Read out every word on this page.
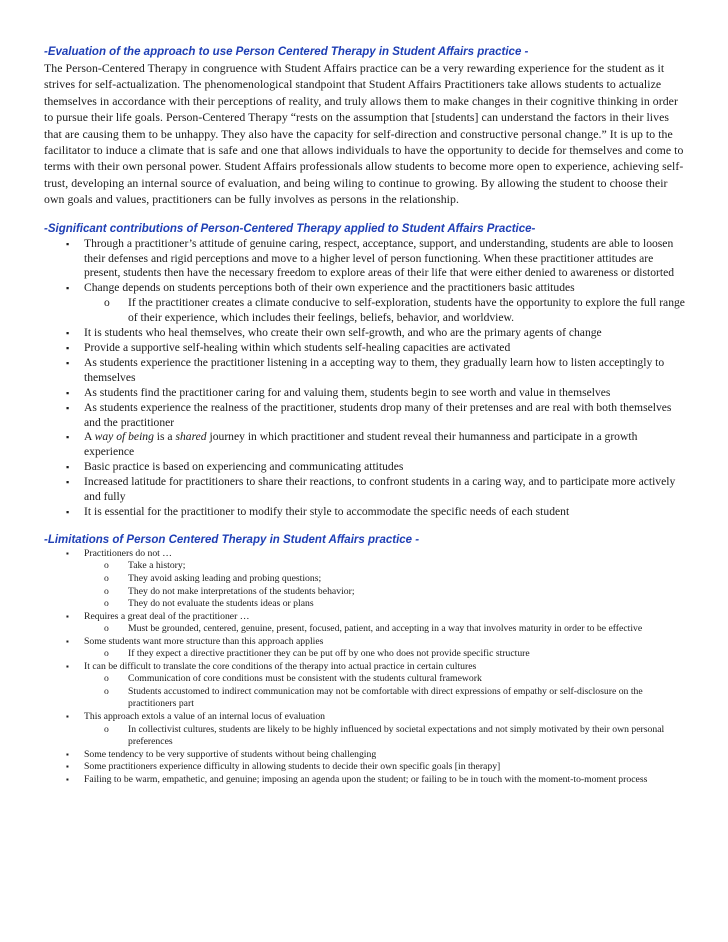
-Evaluation of the approach to use Person Centered Therapy in Student Affairs practice -

The Person-Centered Therapy in congruence with Student Affairs practice can be a very rewarding experience for the student as it strives for self-actualization. The phenomenological standpoint that Student Affairs Practitioners take allows students to actualize themselves in accordance with their perceptions of reality, and truly allows them to make changes in their cognitive thinking in order to pursue their life goals. Person-Centered Therapy “rests on the assumption that [students] can understand the factors in their lives that are causing them to be unhappy. They also have the capacity for self-direction and constructive personal change.” It is up to the facilitator to induce a climate that is safe and one that allows individuals to have the opportunity to decide for themselves and come to terms with their own personal power. Student Affairs professionals allow students to become more open to experience, achieving self-trust, developing an internal source of evaluation, and being wiling to continue to growing. By allowing the student to choose their own goals and values, practitioners can be fully involves as persons in the relationship.

-Significant contributions of Person-Centered Therapy applied to Student Affairs Practice-
▪ Through a practitioner’s attitude of genuine caring, respect, acceptance, support, and understanding, students are able to loosen their defenses and rigid perceptions and move to a higher level of person functioning. When these practitioner attitudes are present, students then have the necessary freedom to explore areas of their life that were either denied to awareness or distorted
▪ Change depends on students perceptions both of their own experience and the practitioners basic attitudes
o If the practitioner creates a climate conducive to self-exploration, students have the opportunity to explore the full range of their experience, which includes their feelings, beliefs, behavior, and worldview.
▪ It is students who heal themselves, who create their own self-growth, and who are the primary agents of change
▪ Provide a supportive self-healing within which students self-healing capacities are activated
▪ As students experience the practitioner listening in a accepting way to them, they gradually learn how to listen acceptingly to themselves
▪ As students find the practitioner caring for and valuing them, students begin to see worth and value in themselves
▪ As students experience the realness of the practitioner, students drop many of their pretenses and are real with both themselves and the practitioner
▪ A way of being is a shared journey in which practitioner and student reveal their humanness and participate in a growth experience
▪ Basic practice is based on experiencing and communicating attitudes
▪ Increased latitude for practitioners to share their reactions, to confront students in a caring way, and to participate more actively and fully
▪ It is essential for the practitioner to modify their style to accommodate the specific needs of each student
-Limitations of Person Centered Therapy in Student Affairs practice -
▪ Practitioners do not …
o Take a history;
o They avoid asking leading and probing questions;
o They do not make interpretations of the students behavior;
o They do not evaluate the students ideas or plans
▪ Requires a great deal of the practitioner …
o Must be grounded, centered, genuine, present, focused, patient, and accepting in a way that involves maturity in order to be effective
▪ Some students want more structure than this approach applies
o If they expect a directive practitioner they can be put off by one who does not provide specific structure
▪ It can be difficult to translate the core conditions of the therapy into actual practice in certain cultures
o Communication of core conditions must be consistent with the students cultural framework
o Students accustomed to indirect communication may not be comfortable with direct expressions of empathy or self-disclosure on the practitioners part
▪ This approach extols a value of an internal locus of evaluation
o In collectivist cultures, students are likely to be highly influenced by societal expectations and not simply motivated by their own personal preferences
▪ Some tendency to be very supportive of students without being challenging
▪ Some practitioners experience difficulty in allowing students to decide their own specific goals [in therapy]
▪ Failing to be warm, empathetic, and genuine; imposing an agenda upon the student; or failing to be in touch with the moment-to-moment process
